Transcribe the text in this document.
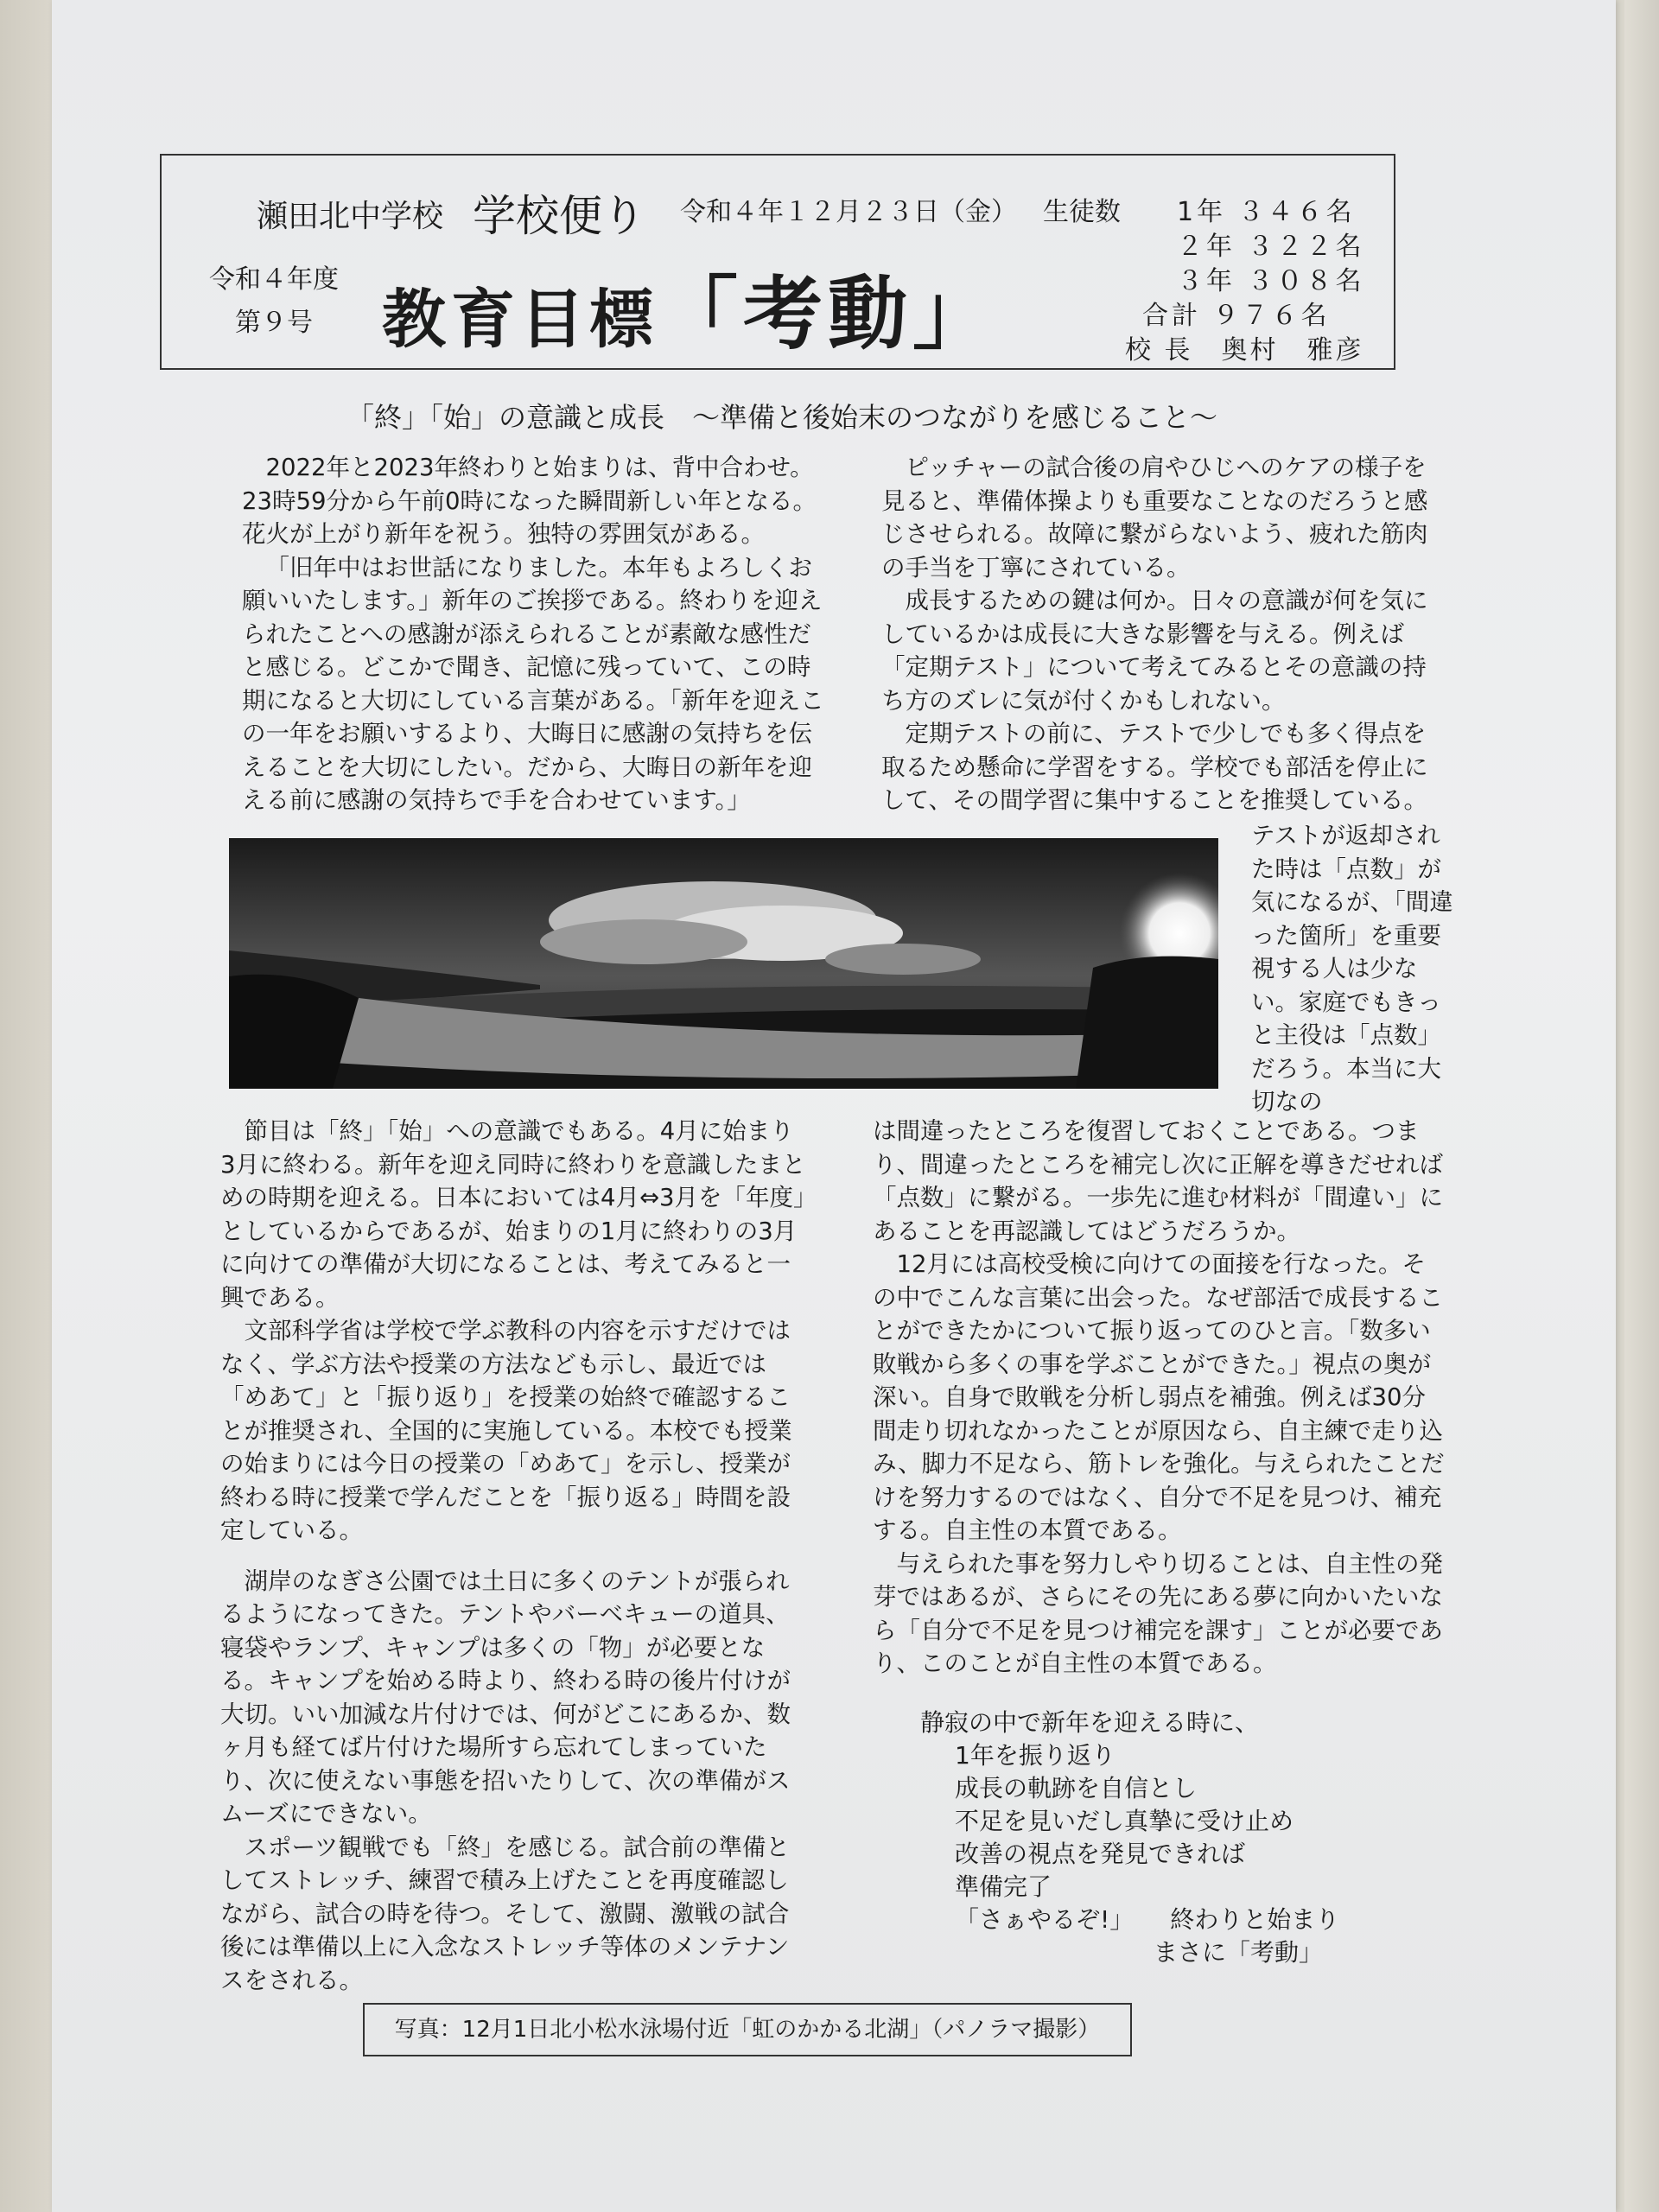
瀬田北中学校 学校便り 令和４年１２月２３日（金）
令和４年度
第９号 教育目標「考動」
生徒数 1年 ３４６名
２年 ３２２名
３年 ３０８名
合計 ９７６名
校 長　奥村　雅彦
「終」「始」の意識と成長　～準備と後始末のつながりを感じること～

2022年と2023年終わりと始まりは、背中合わせ。23時59分から午前0時になった瞬間新しい年となる。花火が上がり新年を祝う。独特の雰囲気がある。

「旧年中はお世話になりました。本年もよろしくお願いいたします。」新年のご挨拶である。終わりを迎えられたことへの感謝が添えられることが素敵な感性だと感じる。どこかで聞き、記憶に残っていて、この時期になると大切にしている言葉がある。「新年を迎えこの一年をお願いするより、大晦日に感謝の気持ちを伝えることを大切にしたい。だから、大晦日の新年を迎える前に感謝の気持ちで手を合わせています。」

ピッチャーの試合後の肩やひじへのケアの様子を見ると、準備体操よりも重要なことなのだろうと感じさせられる。故障に繋がらないよう、疲れた筋肉の手当を丁寧にされている。

成長するための鍵は何か。日々の意識が何を気にしているかは成長に大きな影響を与える。例えば「定期テスト」について考えてみるとその意識の持ち方のズレに気が付くかもしれない。

定期テストの前に、テストで少しでも多く得点を取るため懸命に学習をする。学校でも部活を停止にして、その間学習に集中することを推奨している。

テストが返却された時は「点数」が気になるが、「間違った箇所」を重要視する人は少ない。家庭でもきっと主役は「点数」だろう。本当に大切なの

節目は「終」「始」への意識でもある。4月に始まり3月に終わる。新年を迎え同時に終わりを意識したまとめの時期を迎える。日本においては4月⇔3月を「年度」としているからであるが、始まりの1月に終わりの3月に向けての準備が大切になることは、考えてみると一興である。

文部科学省は学校で学ぶ教科の内容を示すだけではなく、学ぶ方法や授業の方法なども示し、最近では「めあて」と「振り返り」を授業の始終で確認することが推奨され、全国的に実施している。本校でも授業の始まりには今日の授業の「めあて」を示し、授業が終わる時に授業で学んだことを「振り返る」時間を設定している。

湖岸のなぎさ公園では土日に多くのテントが張られるようになってきた。テントやバーベキューの道具、寝袋やランプ、キャンプは多くの「物」が必要となる。キャンプを始める時より、終わる時の後片付けが大切。いい加減な片付けでは、何がどこにあるか、数ヶ月も経てば片付けた場所すら忘れてしまっていたり、次に使えない事態を招いたりして、次の準備がスムーズにできない。

スポーツ観戦でも「終」を感じる。試合前の準備としてストレッチ、練習で積み上げたことを再度確認しながら、試合の時を待つ。そして、激闘、激戦の試合後には準備以上に入念なストレッチ等体のメンテナンスをされる。

は間違ったところを復習しておくことである。つまり、間違ったところを補完し次に正解を導きだせれば「点数」に繋がる。一歩先に進む材料が「間違い」にあることを再認識してはどうだろうか。

12月には高校受検に向けての面接を行なった。その中でこんな言葉に出会った。なぜ部活で成長することができたかについて振り返ってのひと言。「数多い敗戦から多くの事を学ぶことができた。」視点の奥が深い。自身で敗戦を分析し弱点を補強。例えば30分間走り切れなかったことが原因なら、自主練で走り込み、脚力不足なら、筋トレを強化。与えられたことだけを努力するのではなく、自分で不足を見つけ、補充する。自主性の本質である。

与えられた事を努力しやり切ることは、自主性の発芽ではあるが、さらにその先にある夢に向かいたいなら「自分で不足を見つけ補完を課す」ことが必要であり、このことが自主性の本質である。

静寂の中で新年を迎える時に、
1年を振り返り
成長の軌跡を自信とし
不足を見いだし真摯に受け止め
改善の視点を発見できれば
準備完了
「さぁやるぞ!」　　終わりと始まり
まさに「考動」
写真：12月1日北小松水泳場付近「虹のかかる北湖」（パノラマ撮影）
